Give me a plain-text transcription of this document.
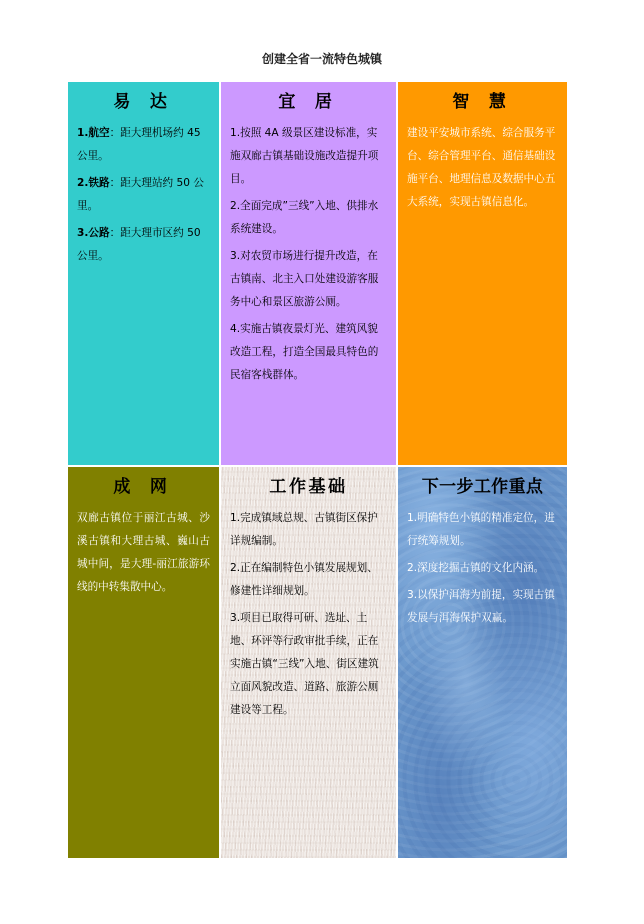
创建全省一流特色城镇
易 达

1.航空：距大理机场约 45 公里。

2.铁路：距大理站约 50 公里。

3.公路：距大理市区约 50 公里。

宜 居

1.按照 4A 级景区建设标准，实施双廊古镇基础设施改造提升项目。

2.全面完成”三线”入地、供排水系统建设。

3.对农贸市场进行提升改造，在古镇南、北主入口处建设游客服务中心和景区旅游公厕。

4.实施古镇夜景灯光、建筑风貌改造工程，打造全国最具特色的民宿客栈群体。

智 慧

建设平安城市系统、综合服务平台、综合管理平台、通信基础设施平台、地理信息及数据中心五大系统，实现古镇信息化。

成 网

双廊古镇位于丽江古城、沙溪古镇和大理古城、巍山古城中间，是大理-丽江旅游环线的中转集散中心。

工作基础

1.完成镇域总规、古镇街区保护详规编制。

2.正在编制特色小镇发展规划、修建性详细规划。

3.项目已取得可研、选址、土地、环评等行政审批手续，正在实施古镇“三线”入地、街区建筑立面风貌改造、道路、旅游公厕建设等工程。

下一步工作重点

1.明确特色小镇的精准定位，进行统筹规划。

2.深度挖掘古镇的文化内涵。

3.以保护洱海为前提，实现古镇发展与洱海保护双赢。
